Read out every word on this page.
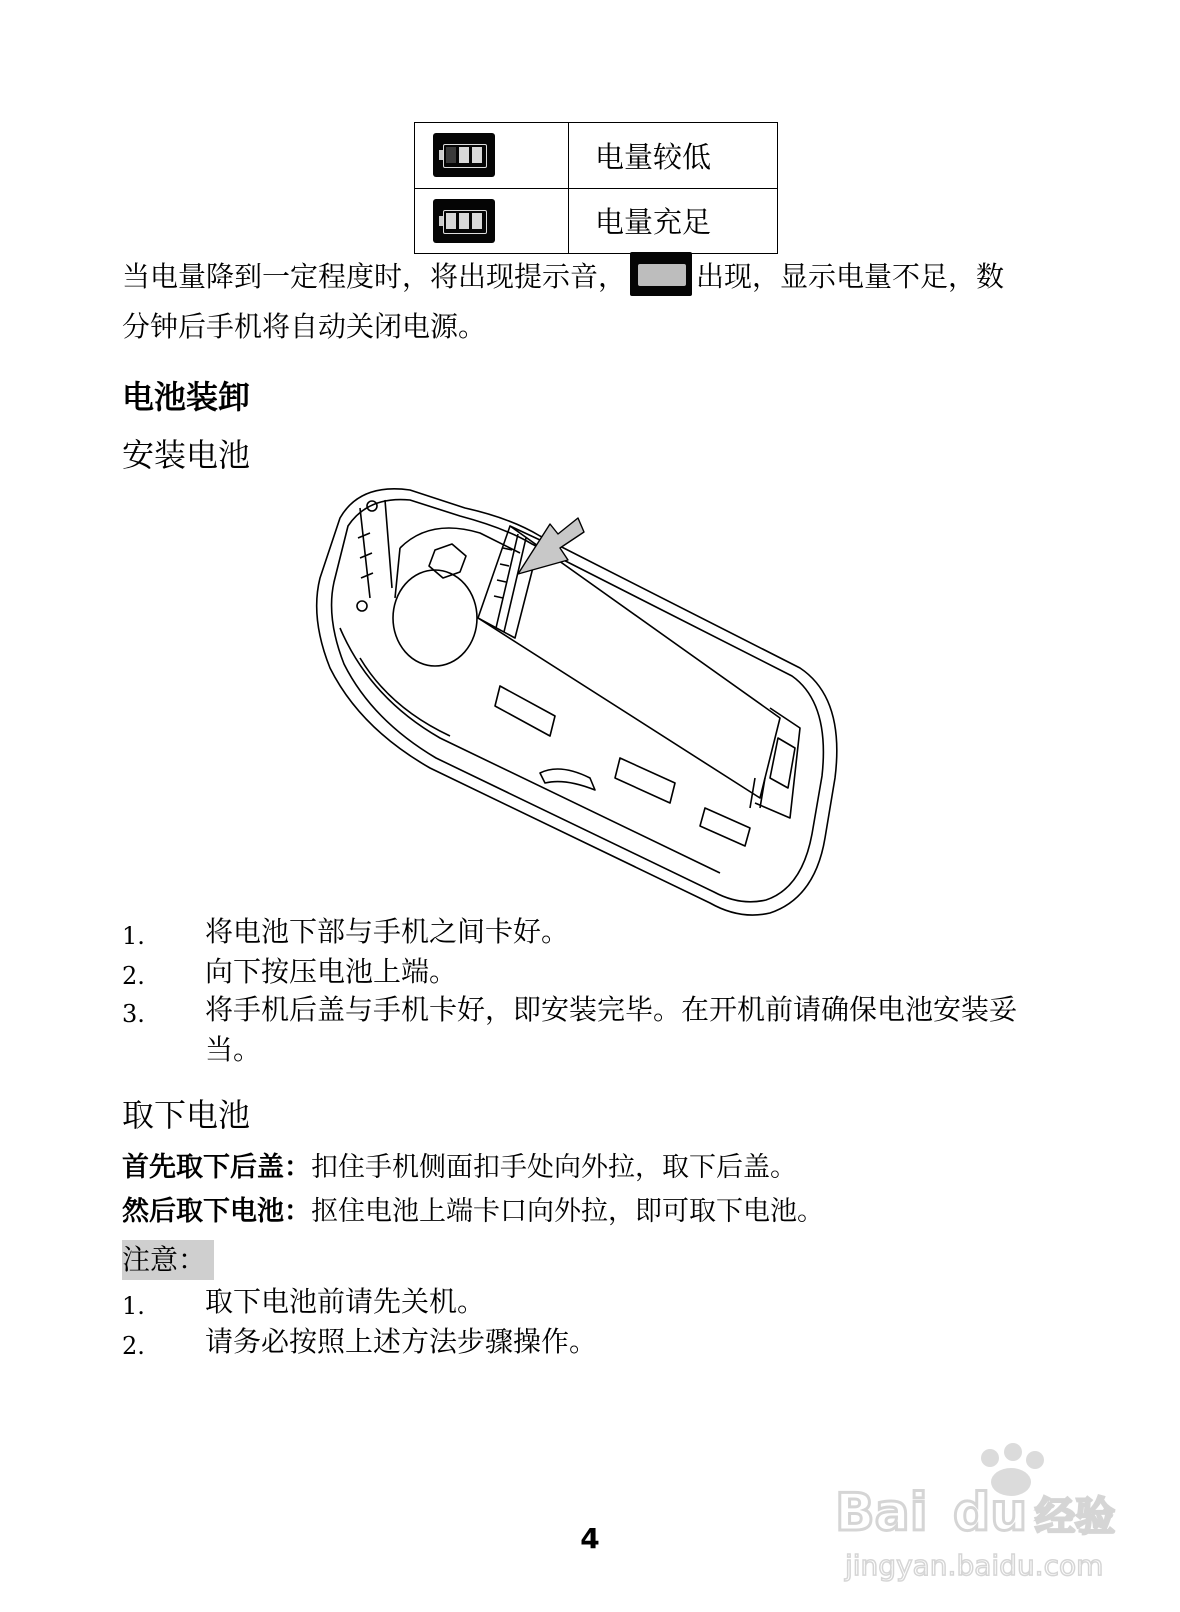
	电量较低

	电量充足
当电量降到一定程度时，将出现提示音，	出现，显示电量不足，数
分钟后手机将自动关闭电源。
电池装卸
安装电池
1. 将电池下部与手机之间卡好。
2. 向下按压电池上端。
3. 将手机后盖与手机卡好，即安装完毕。在开机前请确保电池安装妥当。
取下电池
首先取下后盖：扣住手机侧面扣手处向外拉，取下后盖。
然后取下电池：抠住电池上端卡口向外拉，即可取下电池。
注意：
1. 取下电池前请先关机。
2. 请务必按照上述方法步骤操作。
4	Bai du 经验
jingyan.baidu.com
